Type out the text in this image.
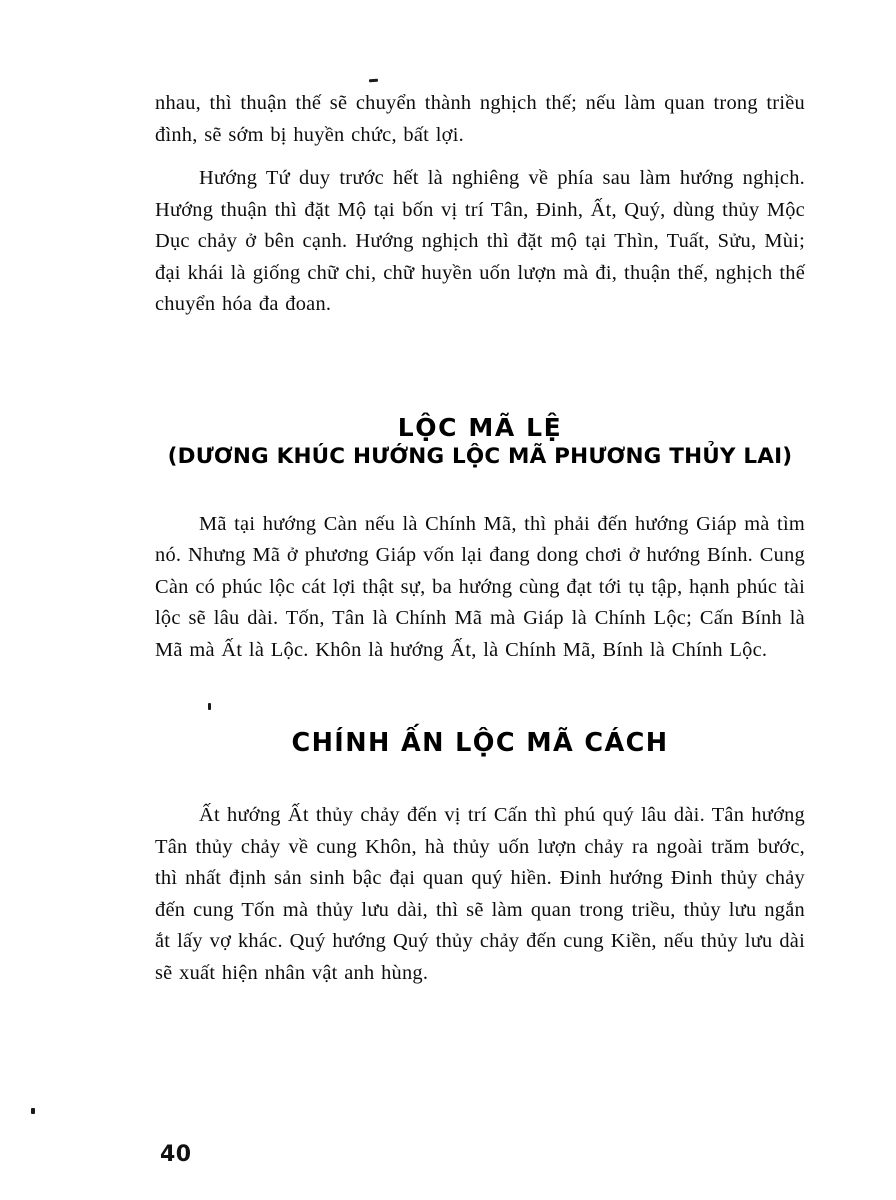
nhau, thì thuận thế sẽ chuyển thành nghịch thế; nếu làm quan trong triều đình, sẽ sớm bị huyền chức, bất lợi.

Hướng Tứ duy trước hết là nghiêng về phía sau làm hướng nghịch. Hướng thuận thì đặt Mộ tại bốn vị trí Tân, Đinh, Ất, Quý, dùng thủy Mộc Dục chảy ở bên cạnh. Hướng nghịch thì đặt mộ tại Thìn, Tuất, Sửu, Mùi; đại khái là giống chữ chi, chữ huyền uốn lượn mà đi, thuận thế, nghịch thế chuyển hóa đa đoan.

LỘC MÃ LỆ
(DƯƠNG KHÚC HƯỚNG LỘC MÃ PHƯƠNG THỦY LAI)

Mã tại hướng Càn nếu là Chính Mã, thì phải đến hướng Giáp mà tìm nó. Nhưng Mã ở phương Giáp vốn lại đang dong chơi ở hướng Bính. Cung Càn có phúc lộc cát lợi thật sự, ba hướng cùng đạt tới tụ tập, hạnh phúc tài lộc sẽ lâu dài. Tốn, Tân là Chính Mã mà Giáp là Chính Lộc; Cấn Bính là Mã mà Ất là Lộc. Khôn là hướng Ất, là Chính Mã, Bính là Chính Lộc.

CHÍNH ẤN LỘC MÃ CÁCH

Ất hướng Ất thủy chảy đến vị trí Cấn thì phú quý lâu dài. Tân hướng Tân thủy chảy về cung Khôn, hà thủy uốn lượn chảy ra ngoài trăm bước, thì nhất định sản sinh bậc đại quan quý hiền. Đinh hướng Đinh thủy chảy đến cung Tốn mà thủy lưu dài, thì sẽ làm quan trong triều, thủy lưu ngắn ắt lấy vợ khác. Quý hướng Quý thủy chảy đến cung Kiền, nếu thủy lưu dài sẽ xuất hiện nhân vật anh hùng.

40
